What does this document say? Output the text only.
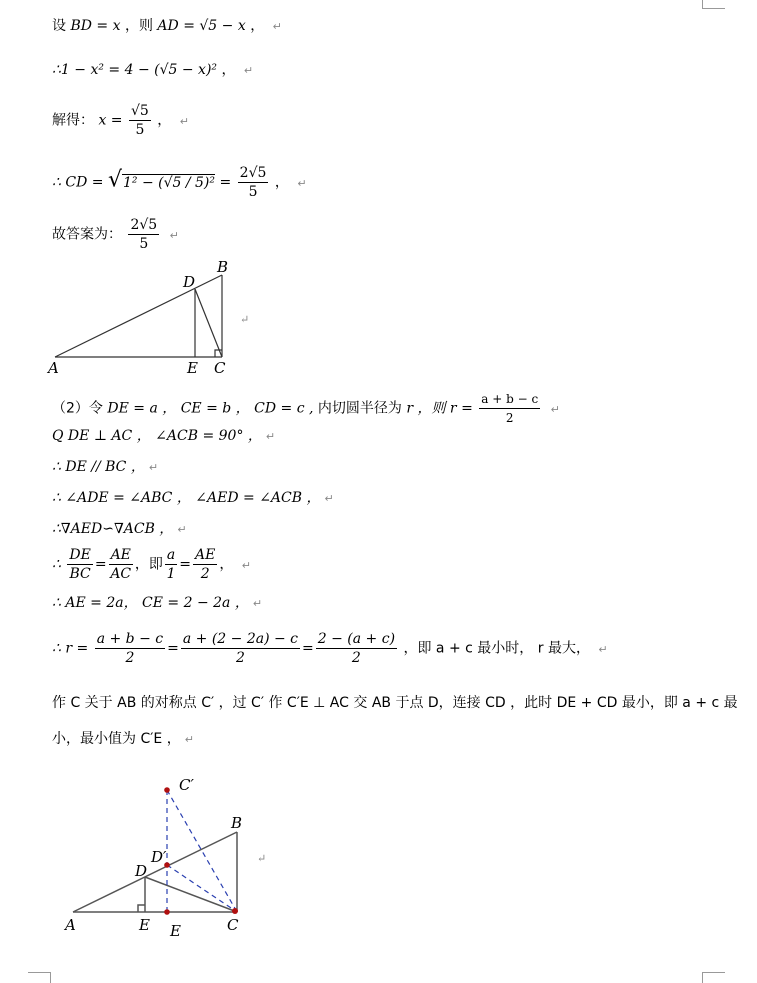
设 BD = x ，则 AD = √5 − x ， ↵
∴1 − x² = 4 − (√5 − x)² ， ↵
解得： $x = \frac{√5}{5}$ ， ↵
∴ CD = $√1^2 - (√5 / 5)^2 = \frac{2√5}{5}$ ， ↵
故答案为： $\frac{2√5}{5}$ ↵
A
B
C
D
E
↵
（2）令 DE = a ， CE = b ， CD = c , 内切圆半径为 r ，则 $r = \frac{a + b - c}{2}$ ↵
Q DE ⊥ AC ， ∠ACB = 90° ， ↵
∴ DE // BC ， ↵
∴ ∠ADE = ∠ABC ， ∠AED = ∠ACB ， ↵
∴∇AED∽∇ACB ， ↵
∴ $\frac{DE}{BC} = \frac{AE}{AC}$ ，即 $\frac{a}{1} = \frac{AE}{2}$ ， ↵
∴ AE = 2a， CE = 2 − 2a ， ↵
∴ $r = \frac{a + b - c}{2} = \frac{a + (2 - 2a) - c}{2} = \frac{2 - (a + c)}{2}$ ，即 a + c 最小时， r 最大， ↵
作 C 关于 AB 的对称点 C′ ，过 C′ 作 C′E ⊥ AC 交 AB 于点 D，连接 CD ，此时 DE + CD 最小，即 a + c 最
小，最小值为 C′E ， ↵
A
B
C
C′
D
D′
E E
↵
